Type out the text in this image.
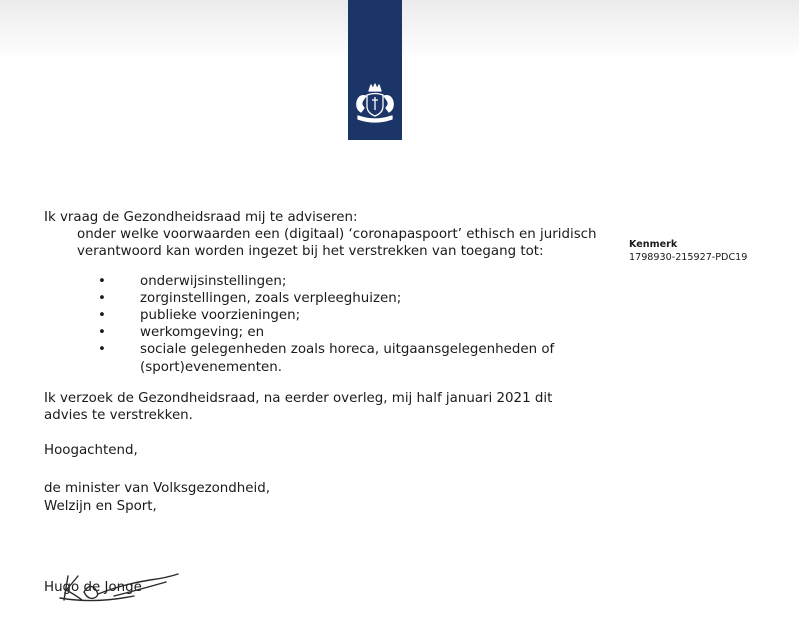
Ik vraag de Gezondheidsraad mij te adviseren:

onder welke voorwaarden een (digitaal) ‘coronapaspoort’ ethisch en juridisch

verantwoord kan worden ingezet bij het verstrekken van toegang tot:

• onderwijsinstellingen;
• zorginstellingen, zoals verpleeghuizen;
• publieke voorzieningen;
• werkomgeving; en
• sociale gelegenheden zoals horeca, uitgaansgelegenheden of
(sport)evenementen.

Ik verzoek de Gezondheidsraad, na eerder overleg, mij half januari 2021 dit

advies te verstrekken.

Hoogachtend,

de minister van Volksgezondheid,

Welzijn en Sport,

Kenmerk
1798930-215927-PDC19
Hugo de Jonge
